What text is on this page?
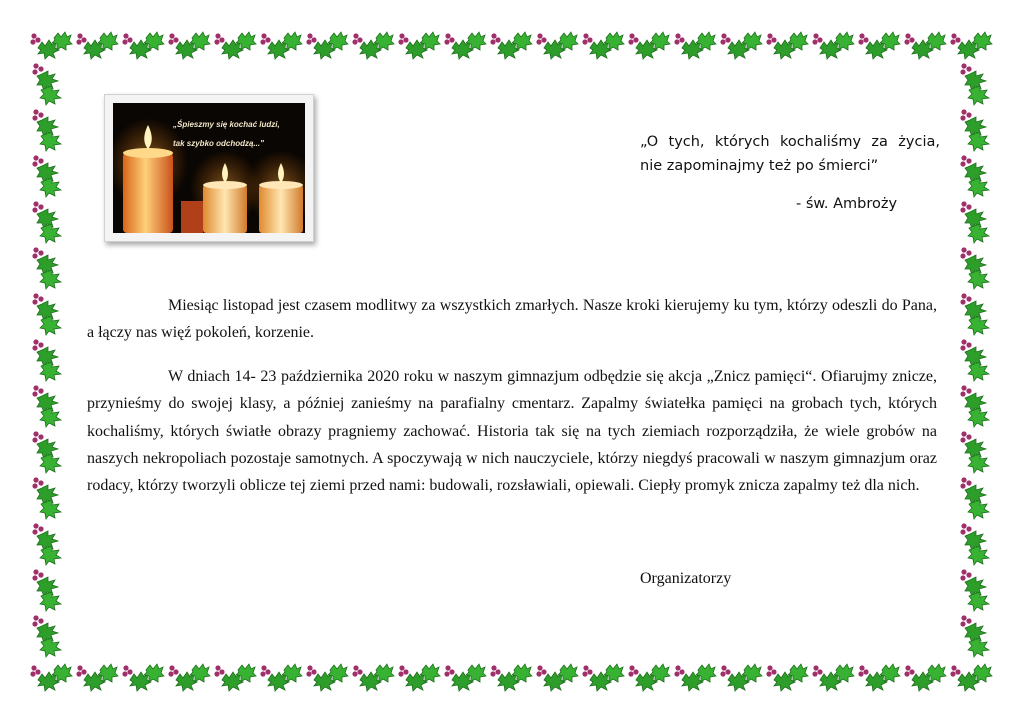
„Śpieszmy się kochać ludzi,
tak szybko odchodzą..."	„O tych, których kochaliśmy za życia,
nie zapominajmy też po śmierci”
- św. Ambroży

Miesiąc listopad jest czasem modlitwy za wszystkich zmarłych. Nasze kroki kierujemy ku tym, którzy odeszli do Pana, a łączy nas więź pokoleń, korzenie.

W dniach 14- 23 października 2020 roku w naszym gimnazjum odbędzie się akcja „Znicz pamięci“. Ofiarujmy znicze, przynieśmy do swojej klasy, a później zanieśmy na parafialny cmentarz. Zapalmy światełka pamięci na grobach tych, których kochaliśmy, których światłe obrazy pragniemy zachować. Historia tak się na tych ziemiach rozporządziła, że wiele grobów na naszych nekropoliach pozostaje samotnych. A spoczywają w nich nauczyciele, którzy niegdyś pracowali w naszym gimnazjum oraz rodacy, którzy tworzyli oblicze tej ziemi przed nami: budowali, rozsławiali, opiewali. Ciepły promyk znicza zapalmy też dla nich.

Organizatorzy
